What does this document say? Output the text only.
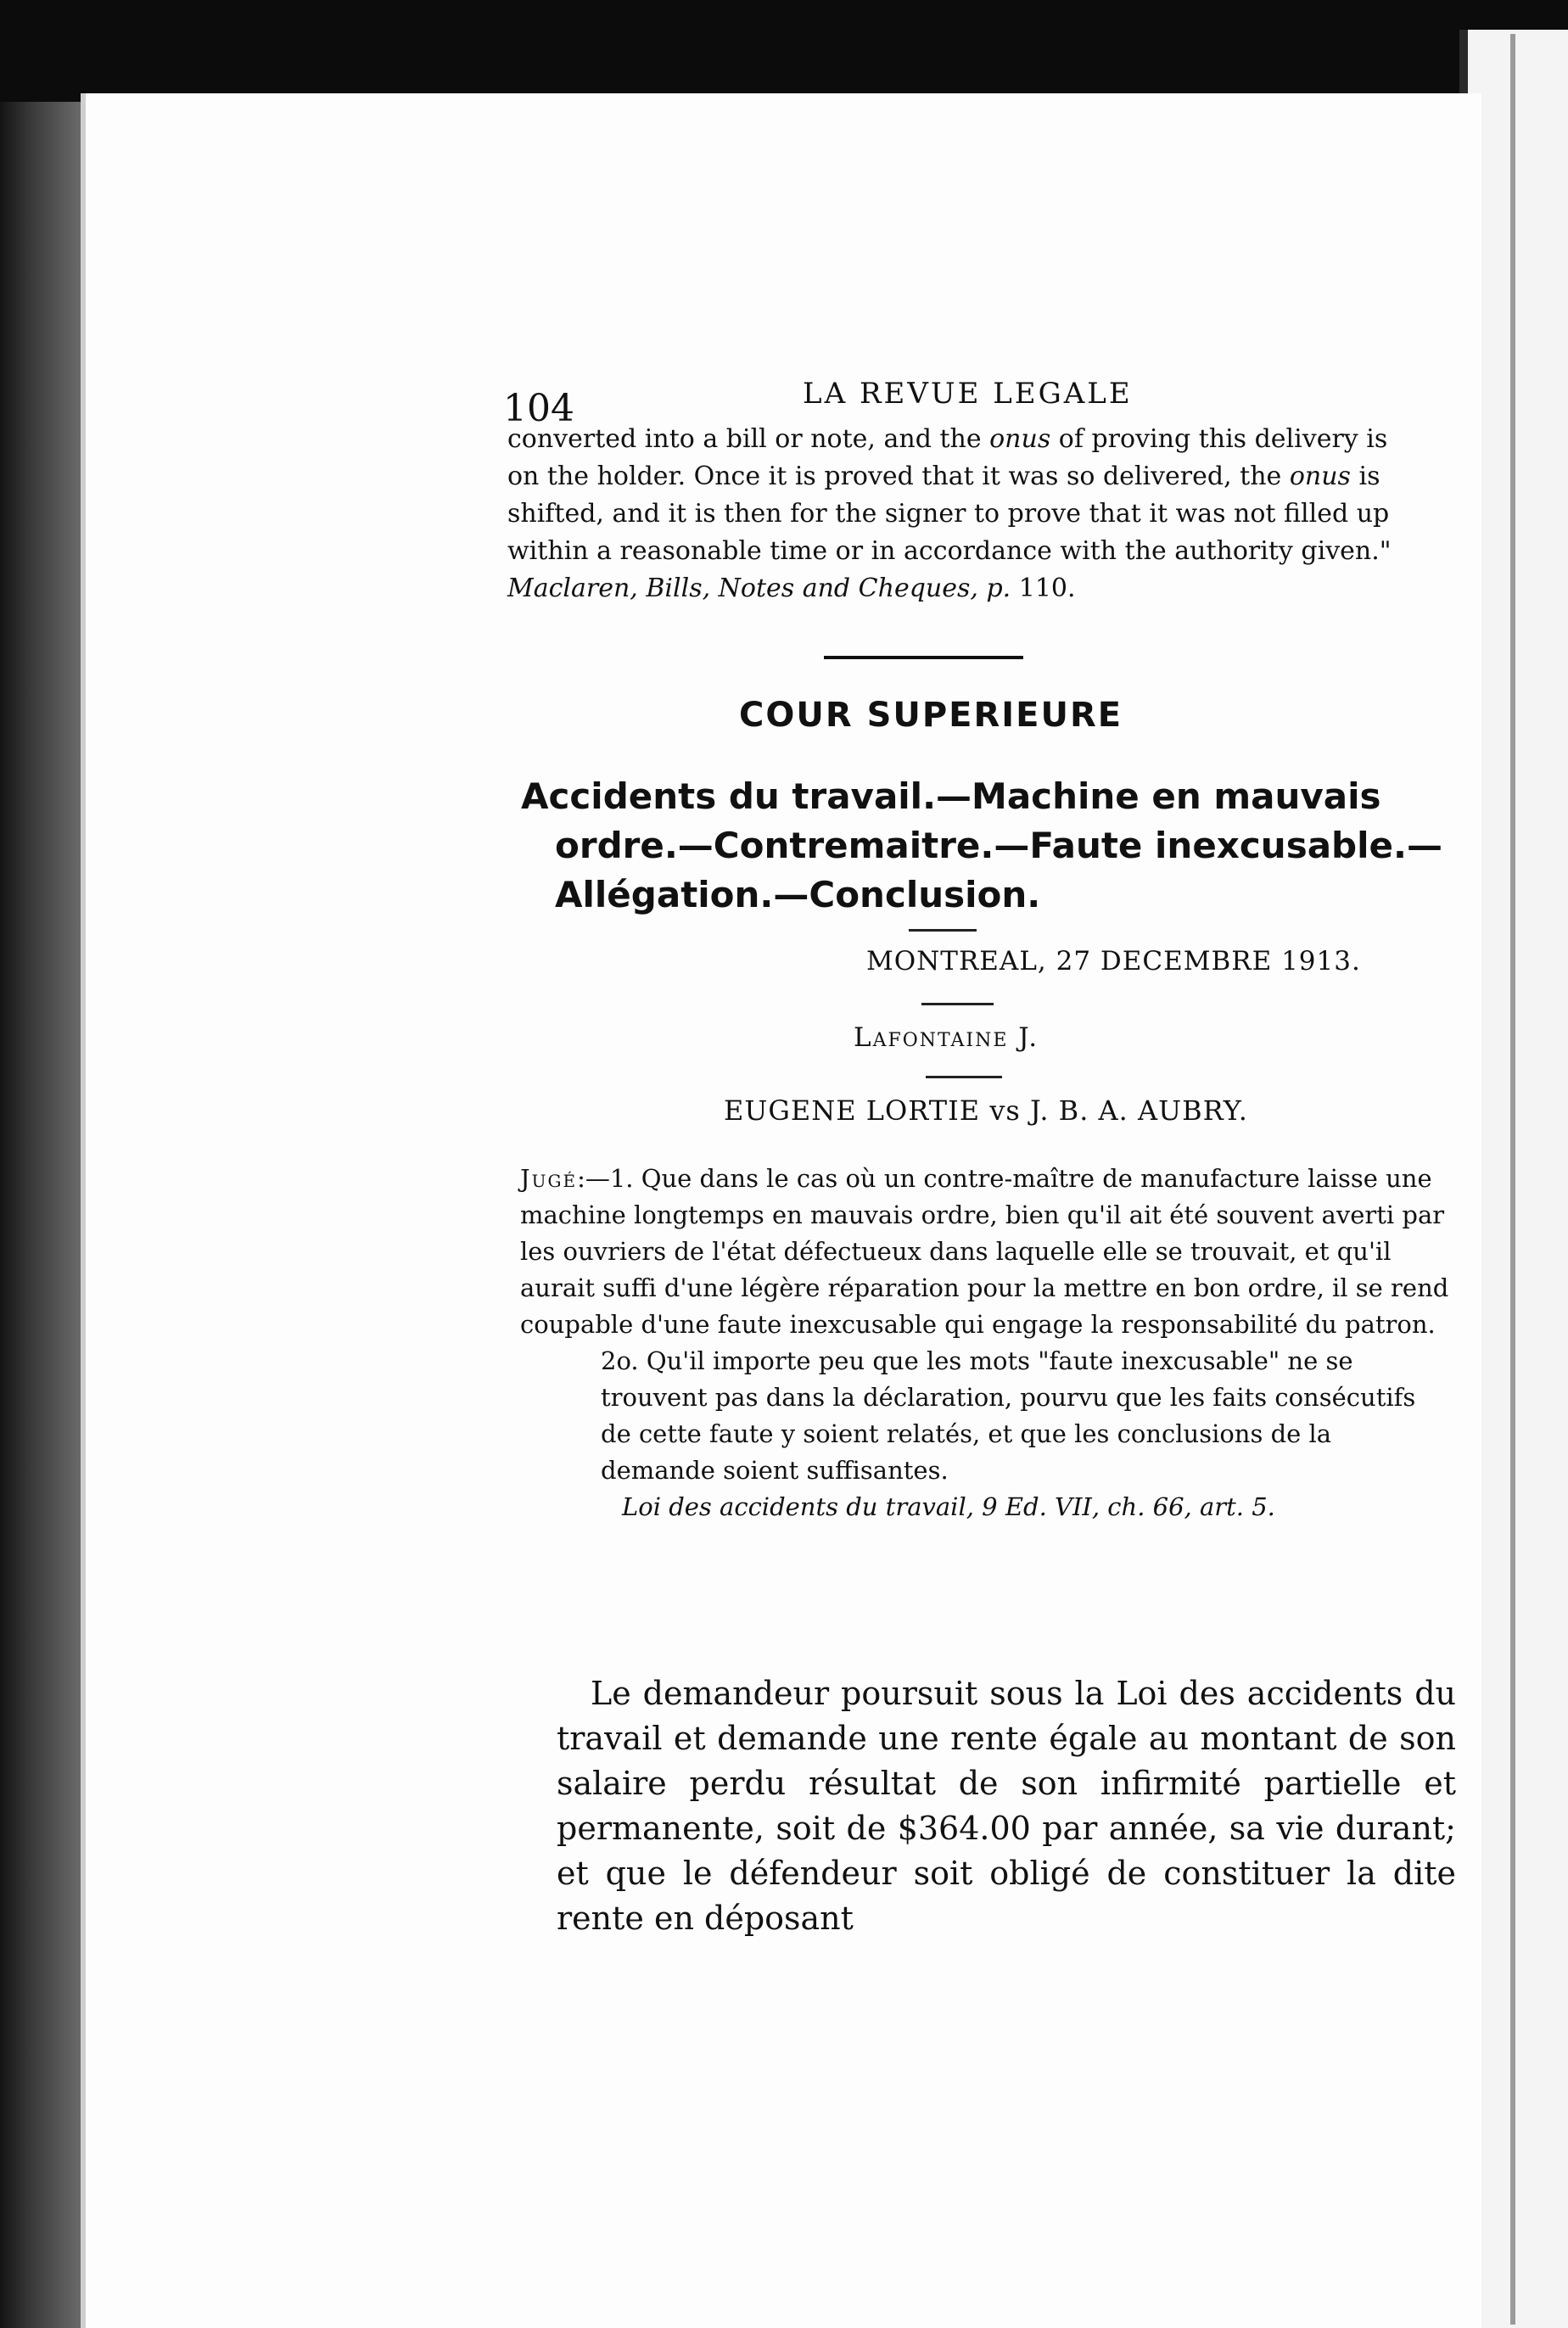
104	LA REVUE LEGALE
converted into a bill or note, and the onus of proving this delivery is on the holder. Once it is proved that it was so delivered, the onus is shifted, and it is then for the signer to prove that it was not filled up within a reasonable time or in accordance with the authority given." Maclaren, Bills, Notes and Cheques, p. 110.
COUR SUPERIEURE
Accidents du travail.—Machine en mauvais
ordre.—Contremaitre.—Faute inexcusable.—
Allégation.—Conclusion.
MONTREAL, 27 DECEMBRE 1913.
Lafontaine J.
EUGENE LORTIE vs J. B. A. AUBRY.

Jugé:—1. Que dans le cas où un contre-maître de manufacture laisse une machine longtemps en mauvais ordre, bien qu'il ait été souvent averti par les ouvriers de l'état défectueux dans laquelle elle se trouvait, et qu'il aurait suffi d'une légère réparation pour la mettre en bon ordre, il se rend coupable d'une faute inexcusable qui engage la responsabilité du patron.

2o. Qu'il importe peu que les mots "faute inexcusable" ne se trouvent pas dans la déclaration, pourvu que les faits consécutifs de cette faute y soient relatés, et que les conclusions de la demande soient suffisantes.

Loi des accidents du travail, 9 Ed. VII, ch. 66, art. 5.

Le demandeur poursuit sous la Loi des accidents du travail et demande une rente égale au montant de son salaire perdu résultat de son infirmité partielle et permanente, soit de $364.00 par année, sa vie durant; et que le défendeur soit obligé de constituer la dite rente en déposant
